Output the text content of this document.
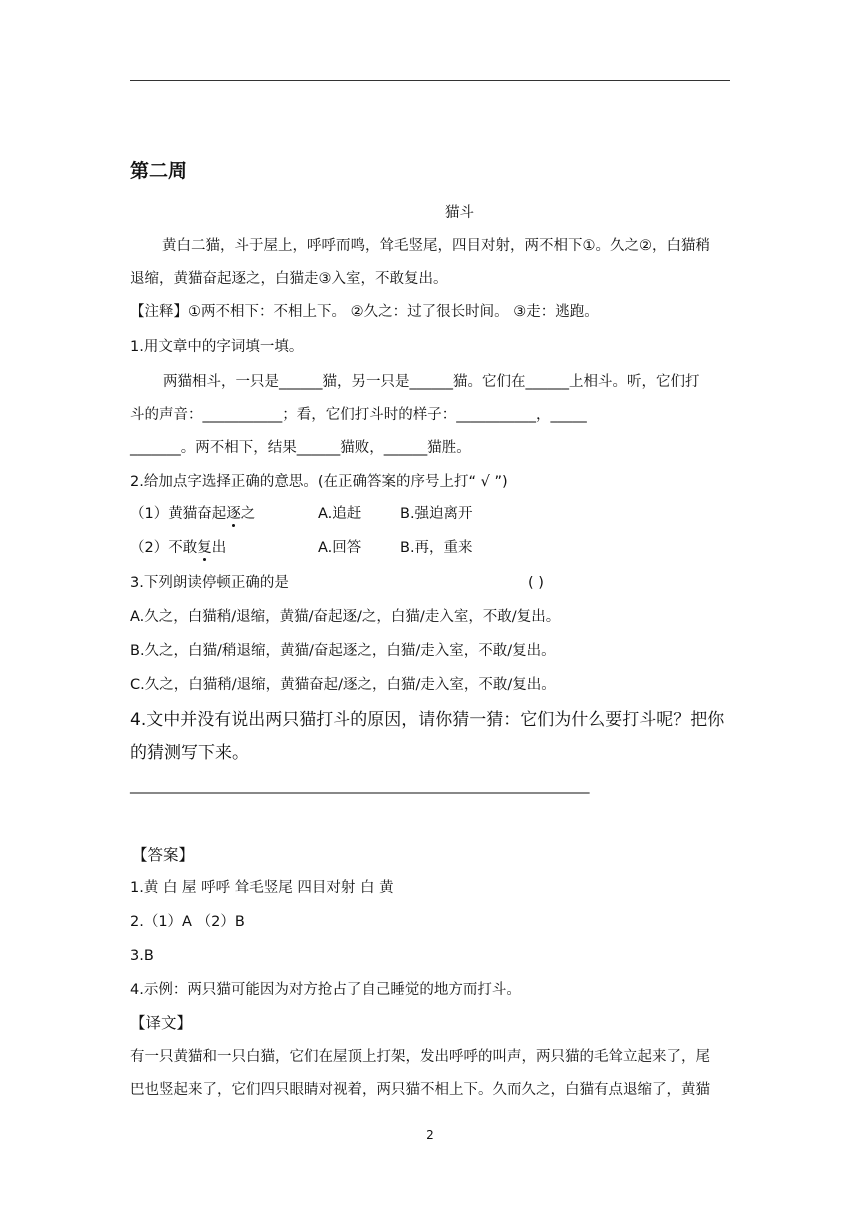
第二周
猫斗
黄白二猫，斗于屋上，呼呼而鸣，耸毛竖尾，四目对射，两不相下①。久之②，白猫稍
退缩，黄猫奋起逐之，白猫走③入室，不敢复出。
【注释】①两不相下：不相上下。 ②久之：过了很长时间。 ③走：逃跑。
1.用文章中的字词填一填。
两猫相斗，一只是______猫，另一只是______猫。它们在______上相斗。听，它们打
斗的声音：___________；看，它们打斗时的样子：___________，_____
_______。两不相下，结果______猫败，______猫胜。
2.给加点字选择正确的意思。(在正确答案的序号上打“ √ ”)
（1）黄猫奋起逐之	A.追赶	B.强迫离开
（2）不敢复出	A.回答	B.再，重来
3.下列朗读停顿正确的是	( )
A.久之，白猫稍/退缩，黄猫/奋起逐/之，白猫/走入室，不敢/复出。
B.久之，白猫/稍退缩，黄猫/奋起逐之，白猫/走入室，不敢/复出。
C.久之，白猫稍/退缩，黄猫奋起/逐之，白猫/走入室，不敢/复出。
4.文中并没有说出两只猫打斗的原因，请你猜一猜：它们为什么要打斗呢？把你
的猜测写下来。
_____________________________________________________________________
【答案】
1.黄 白 屋 呼呼 耸毛竖尾 四目对射 白 黄
2.（1）A （2）B
3.B
4.示例：两只猫可能因为对方抢占了自己睡觉的地方而打斗。
【译文】
有一只黄猫和一只白猫，它们在屋顶上打架，发出呼呼的叫声，两只猫的毛耸立起来了，尾
巴也竖起来了，它们四只眼睛对视着，两只猫不相上下。久而久之，白猫有点退缩了，黄猫
2
